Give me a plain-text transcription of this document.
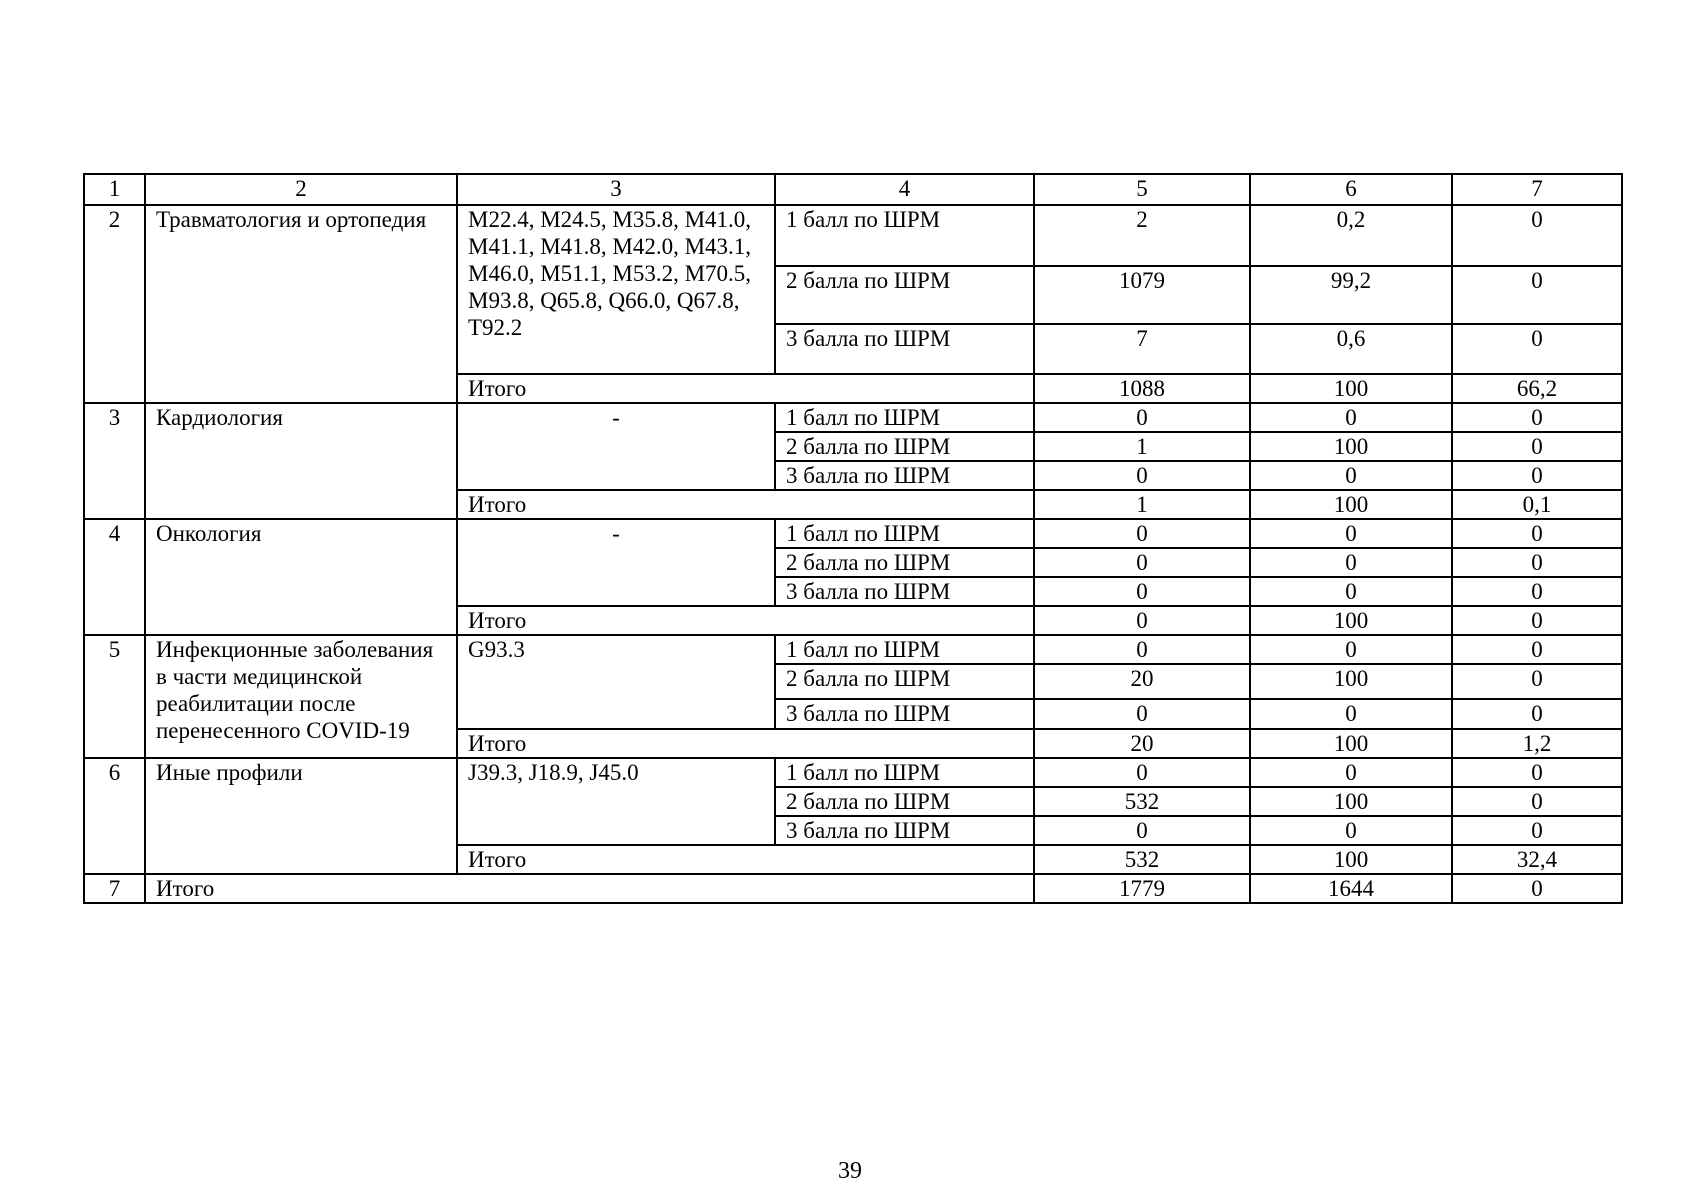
1	2	3	4	5	6	7
2	Травматология и ортопедия	M22.4, M24.5, M35.8, M41.0, M41.1, M41.8, M42.0, M43.1, M46.0, M51.1, M53.2, M70.5, M93.8, Q65.8, Q66.0, Q67.8, T92.2	1 балл по ШРМ	2	0,2	0
			2 балла по ШРМ	1079	99,2	0
			3 балла по ШРМ	7	0,6	0
		Итого		1088	100	66,2
3	Кардиология	-	1 балл по ШРМ	0	0	0
			2 балла по ШРМ	1	100	0
			3 балла по ШРМ	0	0	0
		Итого		1	100	0,1
4	Онкология	-	1 балл по ШРМ	0	0	0
			2 балла по ШРМ	0	0	0
			3 балла по ШРМ	0	0	0
		Итого		0	100	0
5	Инфекционные заболевания в части медицинской реабилитации после перенесенного COVID-19	G93.3	1 балл по ШРМ	0	0	0
			2 балла по ШРМ	20	100	0
			3 балла по ШРМ	0	0	0
		Итого		20	100	1,2
6	Иные профили	J39.3, J18.9, J45.0	1 балл по ШРМ	0	0	0
			2 балла по ШРМ	532	100	0
			3 балла по ШРМ	0	0	0
		Итого		532	100	32,4
7	Итого			1779	1644	0
39
